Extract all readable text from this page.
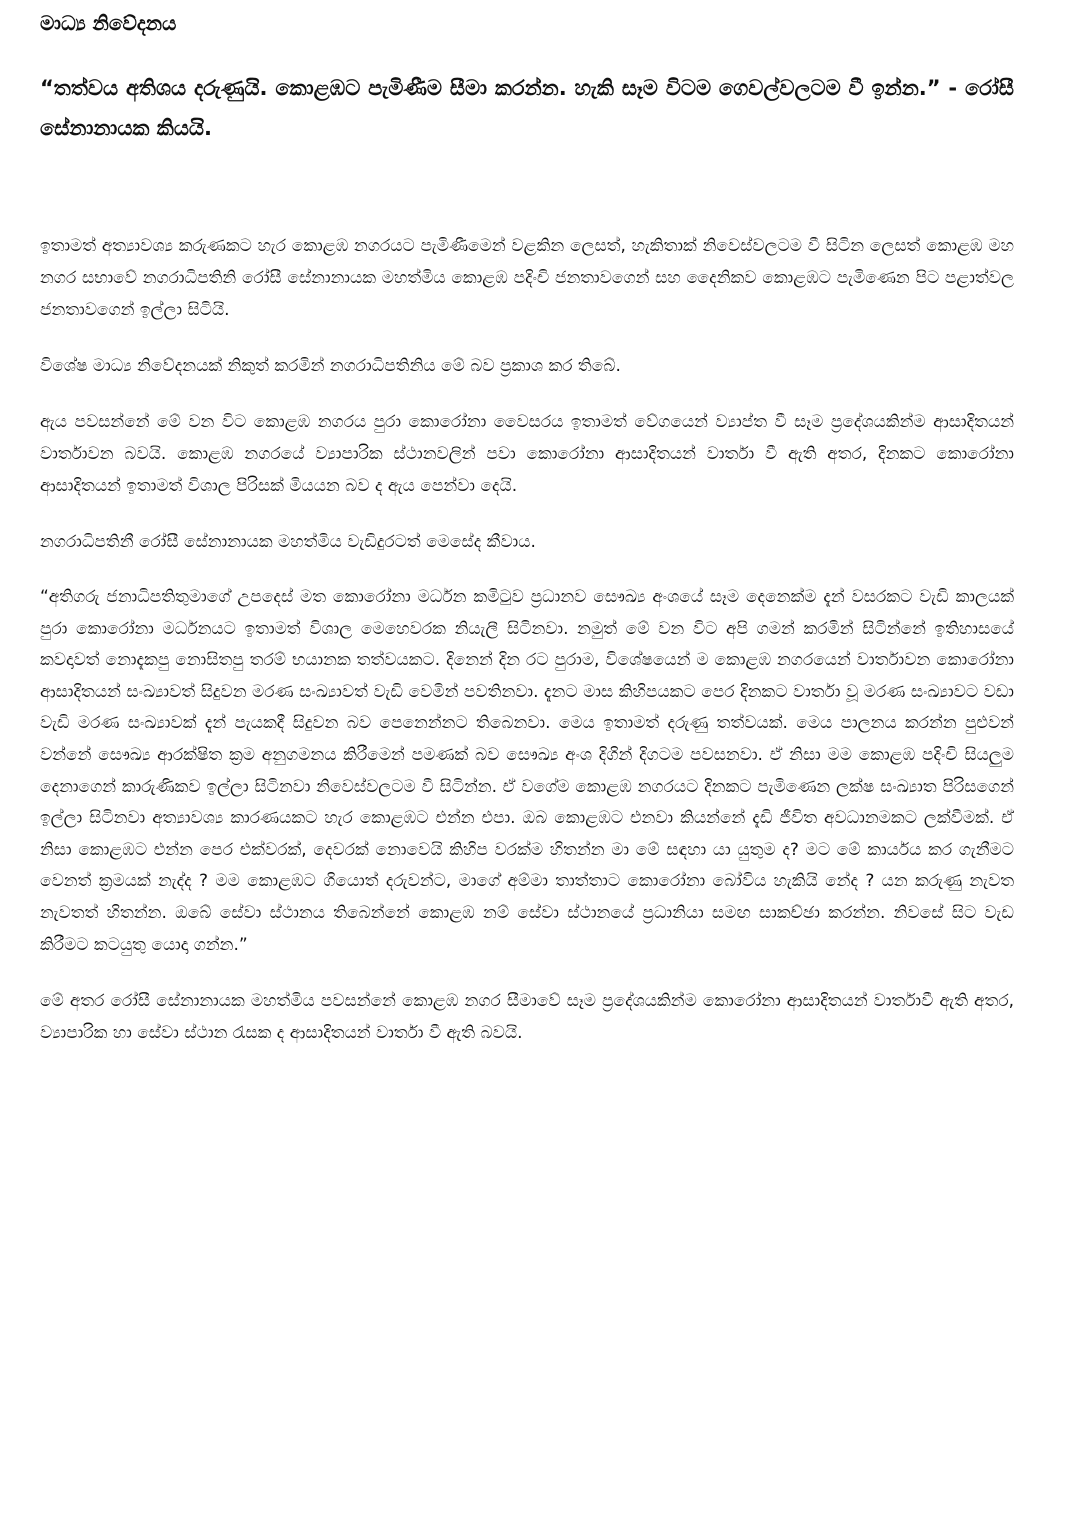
මාධ්‍ය නිවේදනය

“තත්වය අතිශය දරුණුයි. කොළඹට පැමිණීම සීමා කරන්න. හැකි සෑම විටම ගෙවල්වලටම වී ඉන්න.” - රෝසී සේනානායක කියයි.

ඉතාමත් අත්‍යාවශ්‍ය කරුණකට හැර කොළඹ නගරයට පැමිණීමෙන් වළකින ලෙසත්, හැකිතාක් නිවෙස්වලටම වී සිටින ලෙසත් කොළඹ මහ නගර සභාවේ නගරාධිපතිනි රෝසී සේනානායක මහත්මිය කොළඹ පදිංචි ජනතාවගෙන් සහ දෛනිකව කොළඹට පැමිණෙන පිට පළාත්වල ජනතාවගෙන් ඉල්ලා සිටියි.

විශේෂ මාධ්‍ය නිවේදනයක් නිකුත් කරමින් නගරාධිපතිනිය මේ බව ප්‍රකාශ කර තිබේ.

ඇය පවසන්නේ මේ වන විට කොළඹ නගරය පුරා කොරෝනා වෛසරය ඉතාමත් වේගයෙන් ව්‍යාප්ත වී සෑම ප්‍රදේශයකින්ම ආසාදිතයන් වාර්තාවන බවයි. කොළඹ නගරයේ ව්‍යාපාරික ස්ථානවලින් පවා කොරෝනා ආසාදිතයන් වාර්තා වී ඇති අතර, දිනකට කොරෝනා ආසාදිතයන් ඉතාමත් විශාල පිරිසක් මියයන බව ද ඇය පෙන්වා දෙයි.

නගරාධිපතිනී රෝසී සේනානායක මහත්මිය වැඩිදුරටත් මෙසේද කීවාය.

“අතිගරු ජනාධිපතිතුමාගේ උපදෙස් මත කොරෝනා මර්ධන කමිටුව ප්‍රධානව සෞඛ්‍ය අංශයේ සෑම දෙනෙක්ම දැන් වසරකට වැඩි කාලයක් පුරා කොරෝනා මර්ධනයට ඉතාමත් විශාල මෙහෙවරක නියැලී සිටිනවා. නමුත් මේ වන විට අපි ගමන් කරමින් සිටින්නේ ඉතිහාසයේ කවදාවත් නොදැකපු නොසිතපු තරම් භයානක තත්වයකට. දිනෙන් දින රට පුරාම, විශේෂයෙන් ම කොළඹ නගරයෙන් වාර්තාවන කොරෝනා ආසාදිතයන් සංඛ්‍යාවත් සිදුවන මරණ සංඛ්‍යාවත් වැඩි වෙමින් පවතිනවා. දැනට මාස කිහිපයකට පෙර දිනකට වාර්තා වූ මරණ සංඛ්‍යාවට වඩා වැඩි මරණ සංඛ්‍යාවක් දැන් පැයකදී සිදුවන බව පෙනෙන්නට තිබෙනවා. මෙය ඉතාමත් දරුණු තත්වයක්. මෙය පාලනය කරන්න පුළුවන් වන්නේ සෞඛ්‍ය ආරක්ෂිත ක්‍රම අනුගමනය කිරීමෙන් පමණක් බව සෞඛ්‍ය අංශ දිගින් දිගටම පවසනවා. ඒ නිසා මම කොළඹ පදිංචි සියලුම දෙනාගෙන් කාරුණිකව ඉල්ලා සිටිනවා නිවෙස්වලටම වී සිටින්න. ඒ වගේම කොළඹ නගරයට දිනකට පැමිණෙන ලක්ෂ සංඛ්‍යාත පිරිසගෙන් ඉල්ලා සිටිනවා අත්‍යාවශ්‍ය කාරණයකට හැර කොළඹට එන්න එපා. ඔබ කොළඹට එනවා කියන්නේ දැඩි ජීවිත අවධානමකට ලක්වීමක්. ඒ නිසා කොළඹට එන්න පෙර එක්වරක්, දෙවරක් නොවෙයි කිහිප වරක්ම හිතන්න මා මේ සඳහා යා යුතුම ද? මට මේ කාර්යය කර ගැනීමට වෙනත් ක්‍රමයක් නැද්ද ? මම කොළඹට ගියොත් දරුවන්ට, මාගේ අම්මා තාත්තාට කොරෝනා බෝවිය හැකියි නේද ? යන කරුණු නැවත නැවතත් හිතන්න. ඔබේ සේවා ස්ථානය තිබෙන්නේ කොළඹ නම් සේවා ස්ථානයේ ප්‍රධානියා සමඟ සාකච්ඡා කරන්න. නිවසේ සිට වැඩ කිරීමට කටයුතු යොදා ගන්න.”

මේ අතර රෝසී සේනානායක මහත්මිය පවසන්නේ කොළඹ නගර සීමාවේ සෑම ප්‍රදේශයකින්ම කොරෝනා ආසාදිතයන් වාර්තාවී ඇති අතර, ව්‍යාපාරික හා සේවා ස්ථාන රැසක ද ආසාදිතයන් වාර්තා වී ඇති බවයි.
